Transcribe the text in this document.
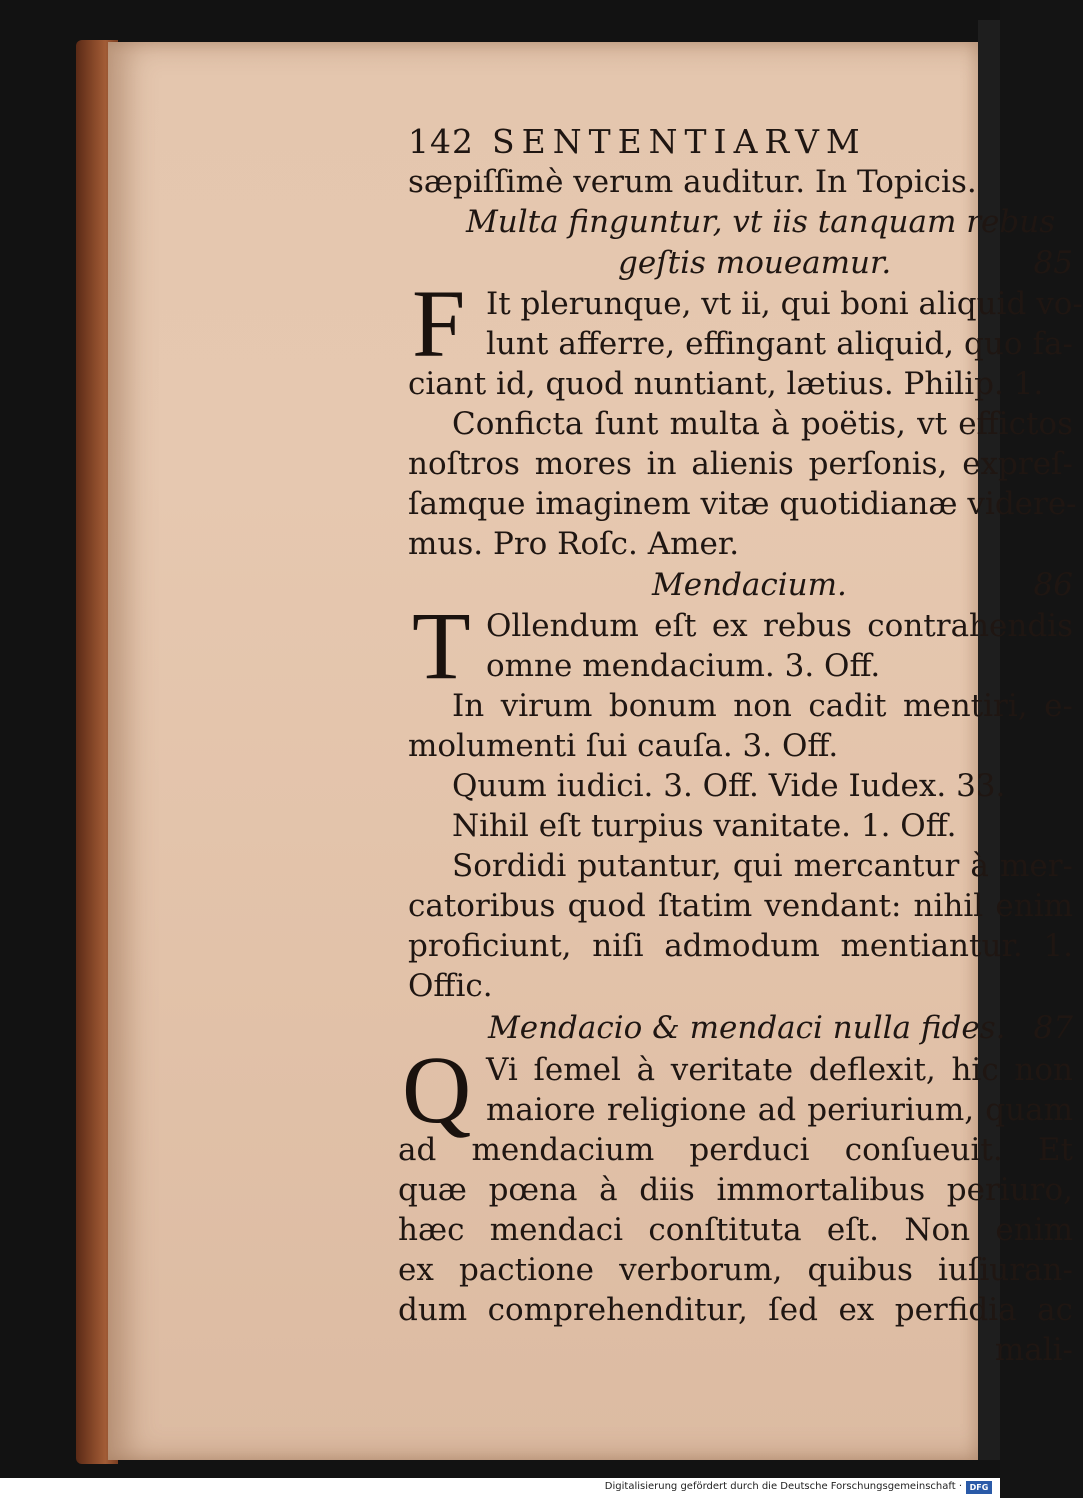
142 SENTENTIARVM
sæpiſſimè verum auditur. In Topicis.
Multa finguntur, vt iis tanquam rebus
geſtis moueamur.	85
F It plerunque, vt ii, qui boni aliquid vo-
lunt afferre, effingant aliquid, quo fa-
ciant id, quod nuntiant, lætius. Philip. 1.
Conficta ſunt multa à poëtis, vt effictos
noſtros mores in alienis perſonis, expreſ-
ſamque imaginem vitæ quotidianæ videre-
mus. Pro Roſc. Amer.
Mendacium.	86
T Ollendum eſt ex rebus contrahendis
omne mendacium. 3. Off.
In virum bonum non cadit mentiri, e-
molumenti ſui cauſa. 3. Off.
Quum iudici. 3. Off. Vide Iudex. 33.
Nihil eſt turpius vanitate. 1. Off.
Sordidi putantur, qui mercantur à mer-
catoribus quod ſtatim vendant: nihil enim
proficiunt, niſi admodum mentiantur. 1.
Offic.
Mendacio & mendaci nulla fides. 87
Q Vi ſemel à veritate deflexit, hic non
maiore religione ad periurium, quam
ad mendacium perduci conſueuit. Et
quæ pœna à diis immortalibus periuro,
hæc mendaci conſtituta eſt. Non enim
ex pactione verborum, quibus iuſiuran-
dum comprehenditur, ſed ex perfidia ac
mali-
Digitalisierung gefördert durch die Deutsche Forschungsgemeinschaft · DFG
